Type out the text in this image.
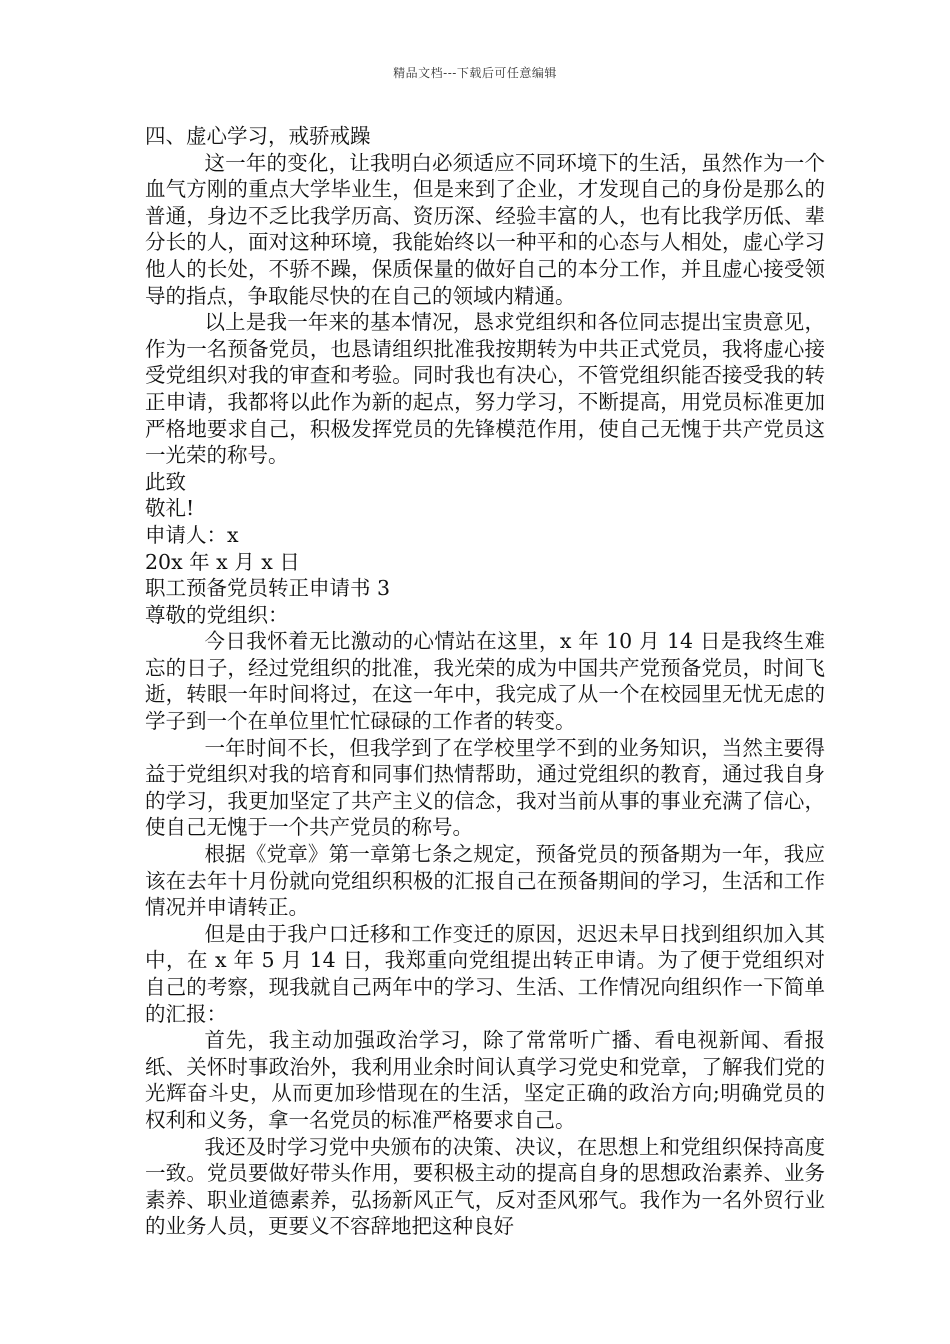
精品文档---下载后可任意编辑

四、虚心学习，戒骄戒躁

这一年的变化，让我明白必须适应不同环境下的生活，虽然作为一个血气方刚的重点大学毕业生，但是来到了企业，才发现自己的身份是那么的普通，身边不乏比我学历高、资历深、经验丰富的人，也有比我学历低、辈分长的人，面对这种环境，我能始终以一种平和的心态与人相处，虚心学习他人的长处，不骄不躁，保质保量的做好自己的本分工作，并且虚心接受领导的指点，争取能尽快的在自己的领域内精通。

以上是我一年来的基本情况，恳求党组织和各位同志提出宝贵意见，作为一名预备党员，也恳请组织批准我按期转为中共正式党员，我将虚心接受党组织对我的审查和考验。同时我也有决心，不管党组织能否接受我的转正申请，我都将以此作为新的起点，努力学习，不断提高，用党员标准更加严格地要求自己，积极发挥党员的先锋模范作用，使自己无愧于共产党员这一光荣的称号。

此致

敬礼!

申请人：x

20x 年 x 月 x 日

职工预备党员转正申请书 3

尊敬的党组织：

今日我怀着无比激动的心情站在这里，x 年 10 月 14 日是我终生难忘的日子，经过党组织的批准，我光荣的成为中国共产党预备党员，时间飞逝，转眼一年时间将过，在这一年中，我完成了从一个在校园里无忧无虑的学子到一个在单位里忙忙碌碌的工作者的转变。

一年时间不长，但我学到了在学校里学不到的业务知识，当然主要得益于党组织对我的培育和同事们热情帮助，通过党组织的教育，通过我自身的学习，我更加坚定了共产主义的信念，我对当前从事的事业充满了信心，使自己无愧于一个共产党员的称号。

根据《党章》第一章第七条之规定，预备党员的预备期为一年，我应该在去年十月份就向党组织积极的汇报自己在预备期间的学习，生活和工作情况并申请转正。

但是由于我户口迁移和工作变迁的原因，迟迟未早日找到组织加入其中，在 x 年 5 月 14 日，我郑重向党组提出转正申请。为了便于党组织对自己的考察，现我就自己两年中的学习、生活、工作情况向组织作一下简单的汇报：

首先，我主动加强政治学习，除了常常听广播、看电视新闻、看报纸、关怀时事政治外，我利用业余时间认真学习党史和党章，了解我们党的光辉奋斗史，从而更加珍惜现在的生活，坚定正确的政治方向;明确党员的权利和义务，拿一名党员的标准严格要求自己。

我还及时学习党中央颁布的决策、决议，在思想上和党组织保持高度一致。党员要做好带头作用，要积极主动的提高自身的思想政治素养、业务素养、职业道德素养，弘扬新风正气，反对歪风邪气。我作为一名外贸行业的业务人员，更要义不容辞地把这种良好
